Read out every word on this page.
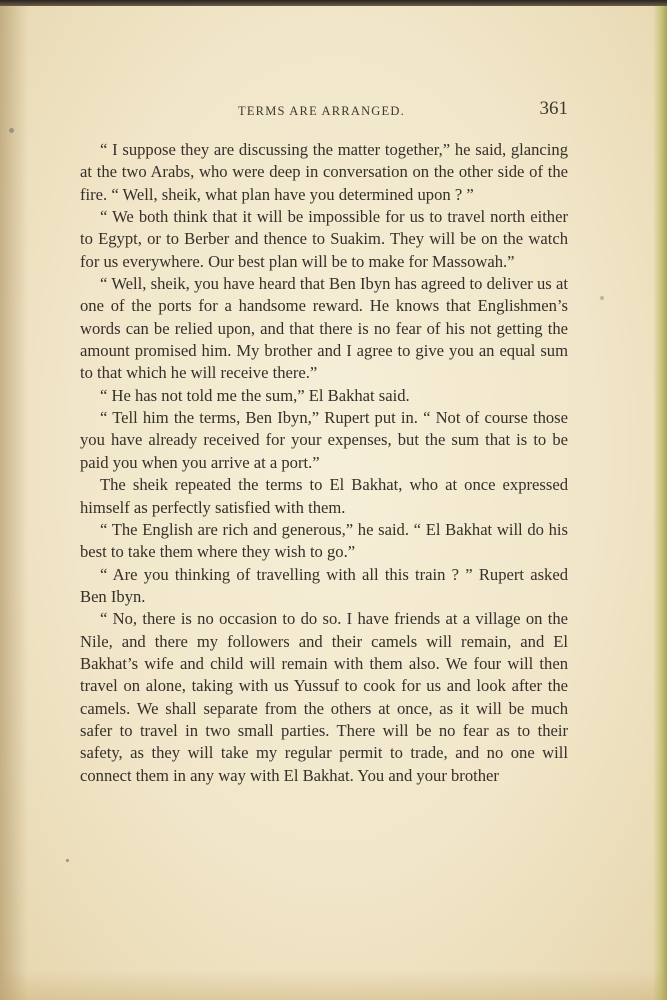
TERMS ARE ARRANGED.	361

“ I suppose they are discussing the matter together,” he said, glancing at the two Arabs, who were deep in conversation on the other side of the fire. “ Well, sheik, what plan have you determined upon ? ”

“ We both think that it will be impossible for us to travel north either to Egypt, or to Berber and thence to Suakim. They will be on the watch for us everywhere. Our best plan will be to make for Massowah.”

“ Well, sheik, you have heard that Ben Ibyn has agreed to deliver us at one of the ports for a handsome reward. He knows that Englishmen’s words can be relied upon, and that there is no fear of his not getting the amount promised him. My brother and I agree to give you an equal sum to that which he will receive there.”

“ He has not told me the sum,” El Bakhat said.

“ Tell him the terms, Ben Ibyn,” Rupert put in. “ Not of course those you have already received for your expenses, but the sum that is to be paid you when you arrive at a port.”

The sheik repeated the terms to El Bakhat, who at once expressed himself as perfectly satisfied with them.

“ The English are rich and generous,” he said. “ El Bakhat will do his best to take them where they wish to go.”

“ Are you thinking of travelling with all this train ? ” Rupert asked Ben Ibyn.

“ No, there is no occasion to do so. I have friends at a village on the Nile, and there my followers and their camels will remain, and El Bakhat’s wife and child will remain with them also. We four will then travel on alone, taking with us Yussuf to cook for us and look after the camels. We shall separate from the others at once, as it will be much safer to travel in two small parties. There will be no fear as to their safety, as they will take my regular permit to trade, and no one will connect them in any way with El Bakhat. You and your brother
